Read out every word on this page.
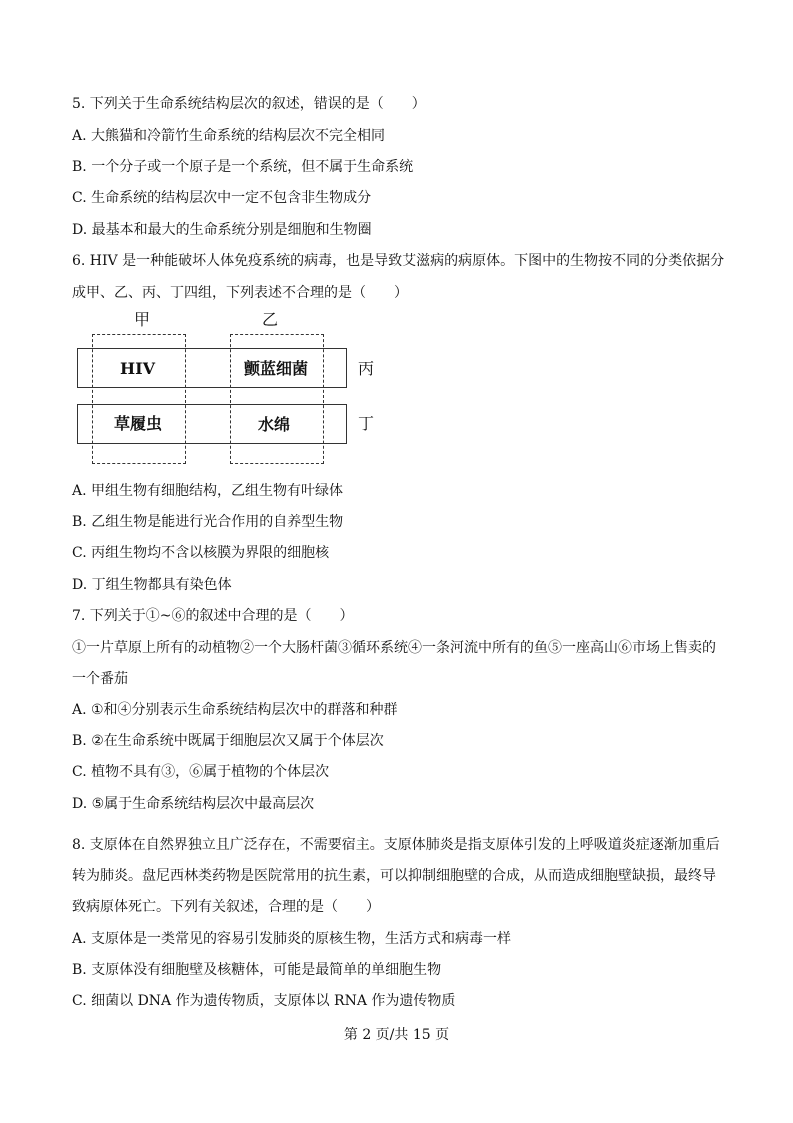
5. 下列关于生命系统结构层次的叙述，错误的是（　　）
A. 大熊猫和冷箭竹生命系统的结构层次不完全相同
B. 一个分子或一个原子是一个系统，但不属于生命系统
C. 生命系统的结构层次中一定不包含非生物成分
D. 最基本和最大的生命系统分别是细胞和生物圈
6. HIV 是一种能破坏人体免疫系统的病毒，也是导致艾滋病的病原体。下图中的生物按不同的分类依据分
成甲、乙、丙、丁四组，下列表述不合理的是（　　）
甲	乙
HIV	颤蓝细菌
草履虫	水绵
丙
丁
A. 甲组生物有细胞结构，乙组生物有叶绿体
B. 乙组生物是能进行光合作用的自养型生物
C. 丙组生物均不含以核膜为界限的细胞核
D. 丁组生物都具有染色体
7. 下列关于①~⑥的叙述中合理的是（　　）
①一片草原上所有的动植物②一个大肠杆菌③循环系统④一条河流中所有的鱼⑤一座高山⑥市场上售卖的
一个番茄
A. ①和④分别表示生命系统结构层次中的群落和种群
B. ②在生命系统中既属于细胞层次又属于个体层次
C. 植物不具有③，⑥属于植物的个体层次
D. ⑤属于生命系统结构层次中最高层次
8. 支原体在自然界独立且广泛存在，不需要宿主。支原体肺炎是指支原体引发的上呼吸道炎症逐渐加重后
转为肺炎。盘尼西林类药物是医院常用的抗生素，可以抑制细胞壁的合成，从而造成细胞壁缺损，最终导
致病原体死亡。下列有关叙述，合理的是（　　）
A. 支原体是一类常见的容易引发肺炎的原核生物，生活方式和病毒一样
B. 支原体没有细胞壁及核糖体，可能是最简单的单细胞生物
C. 细菌以 DNA 作为遗传物质，支原体以 RNA 作为遗传物质
第 2 页/共 15 页
